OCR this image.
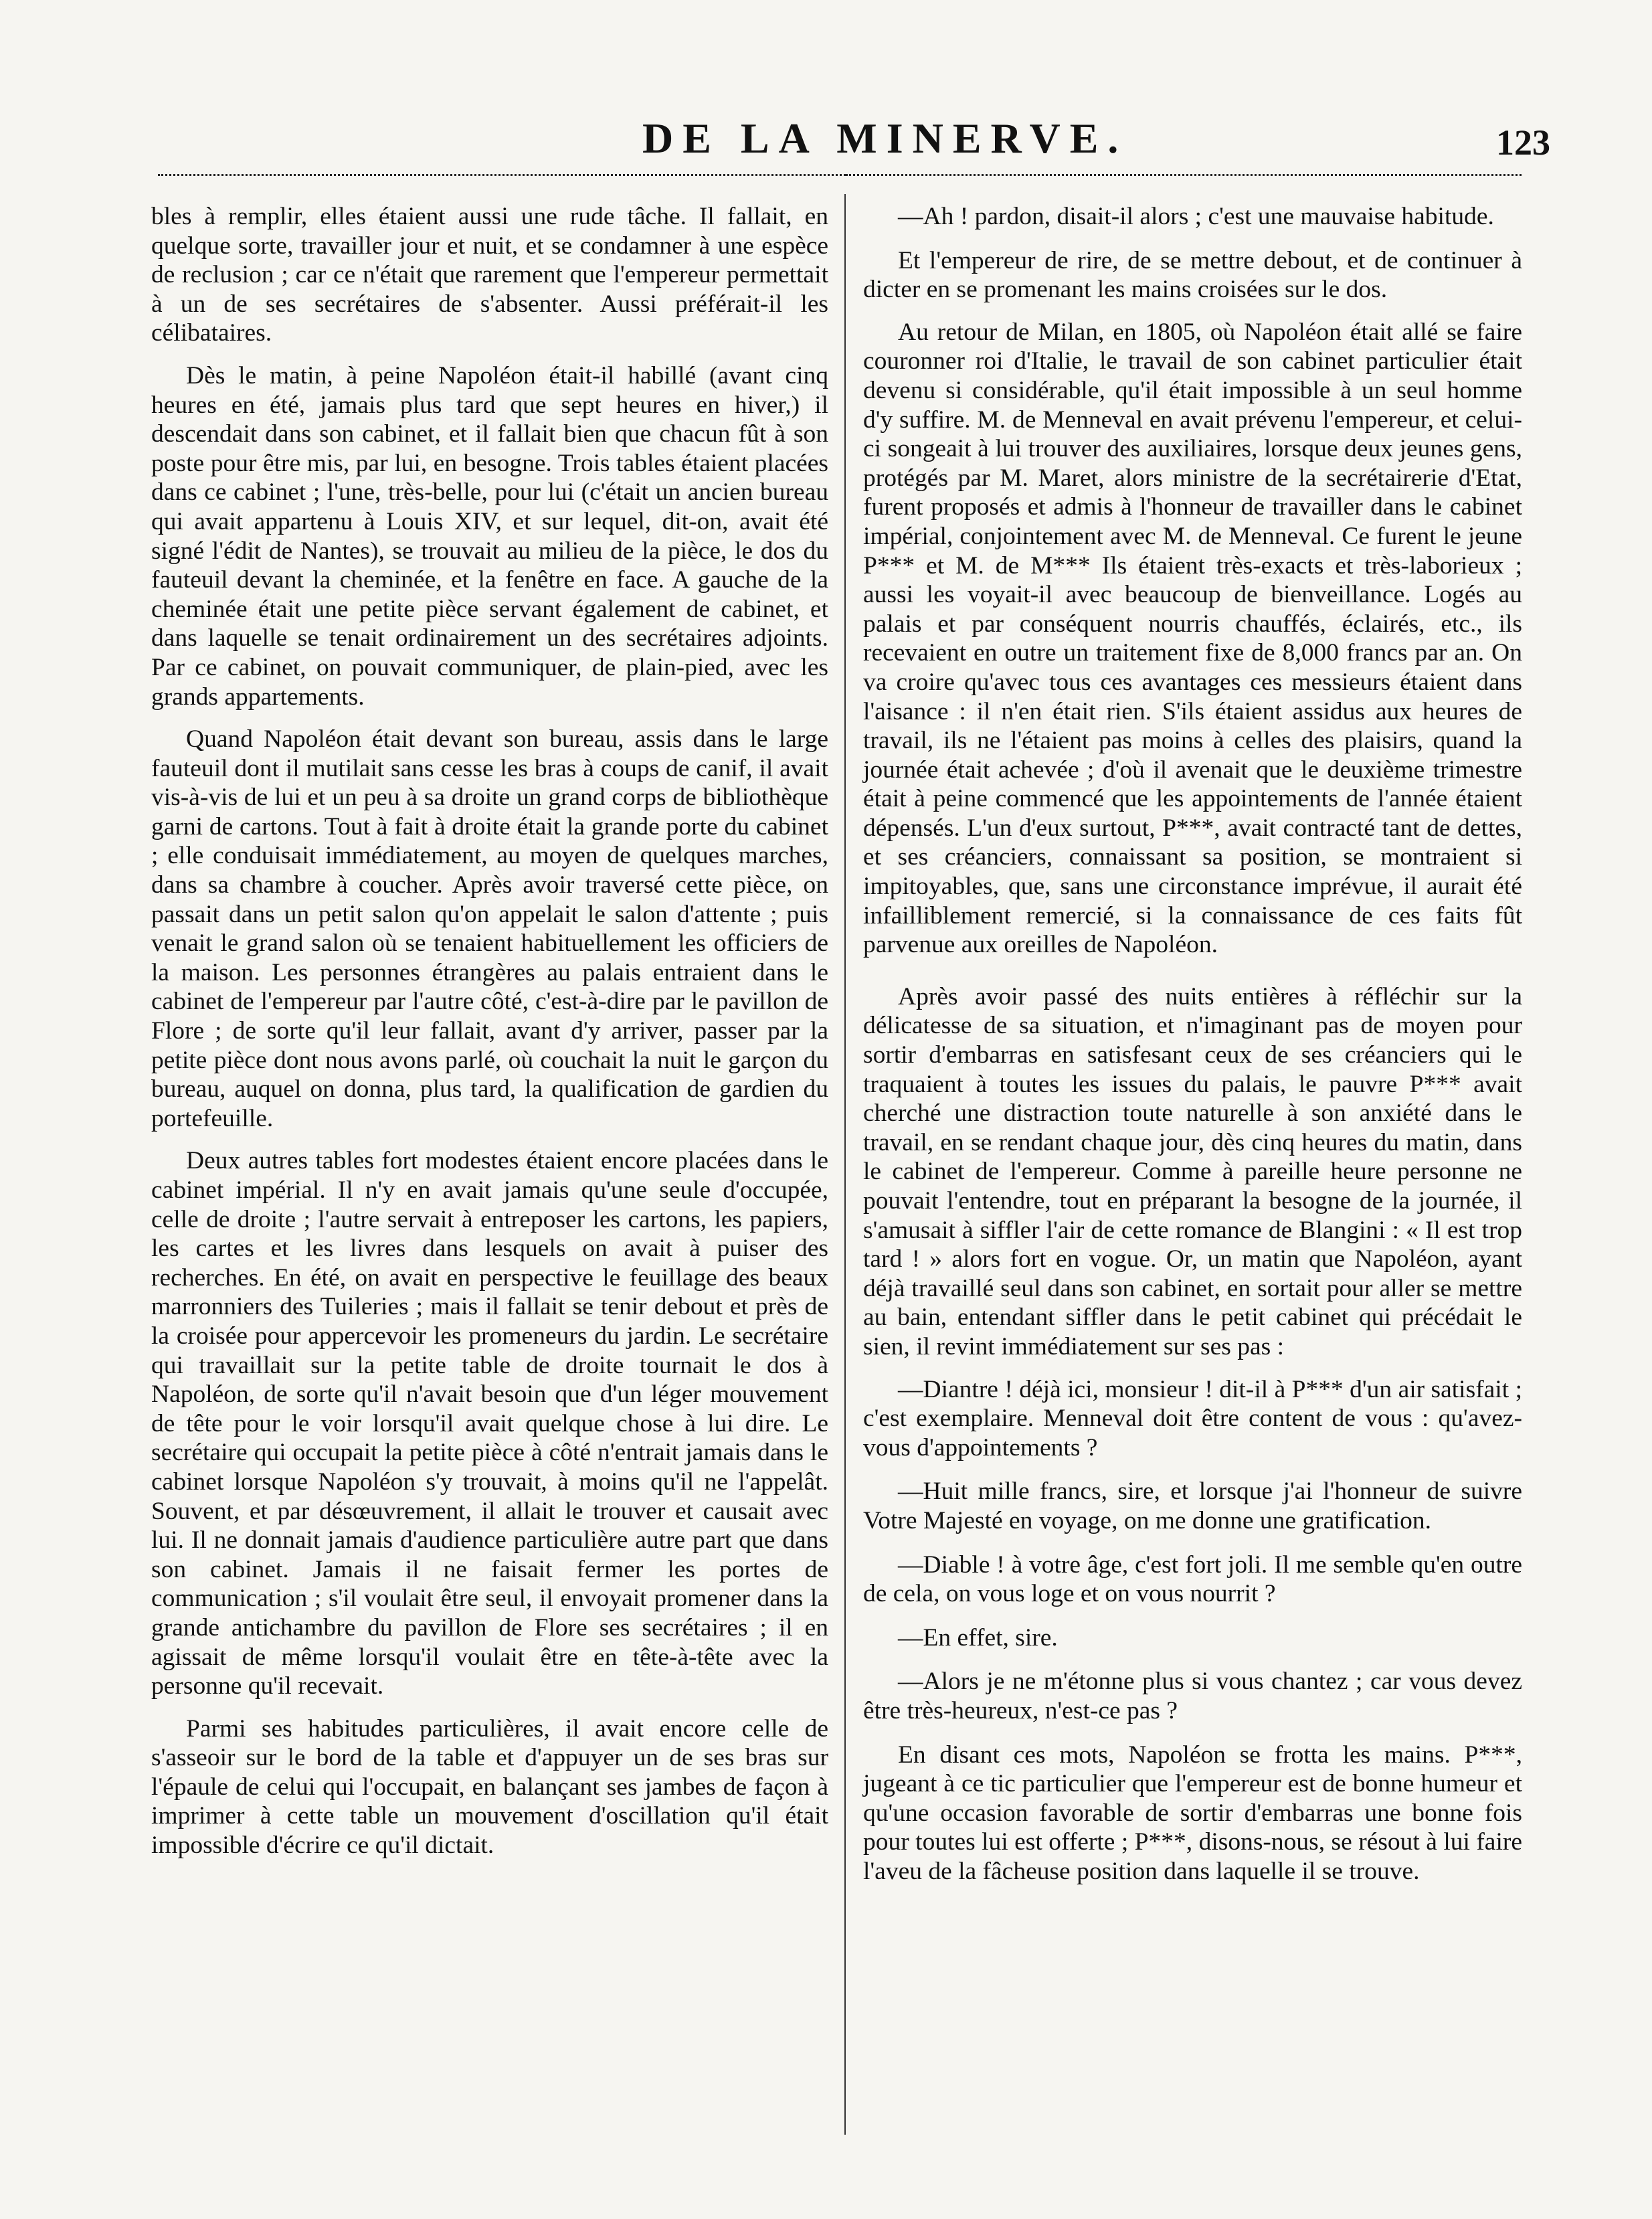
DE LA MINERVE.	123

bles à remplir, elles étaient aussi une rude tâche. Il fallait, en quelque sorte, travailler jour et nuit, et se condamner à une espèce de reclusion ; car ce n'était que rarement que l'empereur permettait à un de ses secrétaires de s'absenter. Aussi préférait-il les célibataires.

Dès le matin, à peine Napoléon était-il habillé (avant cinq heures en été, jamais plus tard que sept heures en hiver,) il descendait dans son cabinet, et il fallait bien que chacun fût à son poste pour être mis, par lui, en besogne. Trois tables étaient placées dans ce cabinet ; l'une, très-belle, pour lui (c'était un ancien bureau qui avait appartenu à Louis XIV, et sur lequel, dit-on, avait été signé l'édit de Nantes), se trouvait au milieu de la pièce, le dos du fauteuil devant la cheminée, et la fenêtre en face. A gauche de la cheminée était une petite pièce servant également de cabinet, et dans laquelle se tenait ordinairement un des secrétaires adjoints. Par ce cabinet, on pouvait communiquer, de plain-pied, avec les grands appartements.

Quand Napoléon était devant son bureau, assis dans le large fauteuil dont il mutilait sans cesse les bras à coups de canif, il avait vis-à-vis de lui et un peu à sa droite un grand corps de bibliothèque garni de cartons. Tout à fait à droite était la grande porte du cabinet ; elle conduisait immédiatement, au moyen de quelques marches, dans sa chambre à coucher. Après avoir traversé cette pièce, on passait dans un petit salon qu'on appelait le salon d'attente ; puis venait le grand salon où se tenaient habituellement les officiers de la maison. Les personnes étrangères au palais entraient dans le cabinet de l'empereur par l'autre côté, c'est-à-dire par le pavillon de Flore ; de sorte qu'il leur fallait, avant d'y arriver, passer par la petite pièce dont nous avons parlé, où couchait la nuit le garçon du bureau, auquel on donna, plus tard, la qualification de gardien du portefeuille.

Deux autres tables fort modestes étaient encore placées dans le cabinet impérial. Il n'y en avait jamais qu'une seule d'occupée, celle de droite ; l'autre servait à entreposer les cartons, les papiers, les cartes et les livres dans lesquels on avait à puiser des recherches. En été, on avait en perspective le feuillage des beaux marronniers des Tuileries ; mais il fallait se tenir debout et près de la croisée pour appercevoir les promeneurs du jardin. Le secrétaire qui travaillait sur la petite table de droite tournait le dos à Napoléon, de sorte qu'il n'avait besoin que d'un léger mouvement de tête pour le voir lorsqu'il avait quelque chose à lui dire. Le secrétaire qui occupait la petite pièce à côté n'entrait jamais dans le cabinet lorsque Napoléon s'y trouvait, à moins qu'il ne l'appelât. Souvent, et par désœuvrement, il allait le trouver et causait avec lui. Il ne donnait jamais d'audience particulière autre part que dans son cabinet. Jamais il ne faisait fermer les portes de communication ; s'il voulait être seul, il envoyait promener dans la grande antichambre du pavillon de Flore ses secrétaires ; il en agissait de même lorsqu'il voulait être en tête-à-tête avec la personne qu'il recevait.

Parmi ses habitudes particulières, il avait encore celle de s'asseoir sur le bord de la table et d'appuyer un de ses bras sur l'épaule de celui qui l'occupait, en balançant ses jambes de façon à imprimer à cette table un mouvement d'oscillation qu'il était impossible d'écrire ce qu'il dictait.

—Ah ! pardon, disait-il alors ; c'est une mauvaise habitude.

Et l'empereur de rire, de se mettre debout, et de continuer à dicter en se promenant les mains croisées sur le dos.

Au retour de Milan, en 1805, où Napoléon était allé se faire couronner roi d'Italie, le travail de son cabinet particulier était devenu si considérable, qu'il était impossible à un seul homme d'y suffire. M. de Menneval en avait prévenu l'empereur, et celui-ci songeait à lui trouver des auxiliaires, lorsque deux jeunes gens, protégés par M. Maret, alors ministre de la secrétairerie d'Etat, furent proposés et admis à l'honneur de travailler dans le cabinet impérial, conjointement avec M. de Menneval. Ce furent le jeune P*** et M. de M*** Ils étaient très-exacts et très-laborieux ; aussi les voyait-il avec beaucoup de bienveillance. Logés au palais et par conséquent nourris chauffés, éclairés, etc., ils recevaient en outre un traitement fixe de 8,000 francs par an. On va croire qu'avec tous ces avantages ces messieurs étaient dans l'aisance : il n'en était rien. S'ils étaient assidus aux heures de travail, ils ne l'étaient pas moins à celles des plaisirs, quand la journée était achevée ; d'où il avenait que le deuxième trimestre était à peine commencé que les appointements de l'année étaient dépensés. L'un d'eux surtout, P***, avait contracté tant de dettes, et ses créanciers, connaissant sa position, se montraient si impitoyables, que, sans une circonstance imprévue, il aurait été infailliblement remercié, si la connaissance de ces faits fût parvenue aux oreilles de Napoléon.

Après avoir passé des nuits entières à réfléchir sur la délicatesse de sa situation, et n'imaginant pas de moyen pour sortir d'embarras en satisfesant ceux de ses créanciers qui le traquaient à toutes les issues du palais, le pauvre P*** avait cherché une distraction toute naturelle à son anxiété dans le travail, en se rendant chaque jour, dès cinq heures du matin, dans le cabinet de l'empereur. Comme à pareille heure personne ne pouvait l'entendre, tout en préparant la besogne de la journée, il s'amusait à siffler l'air de cette romance de Blangini : « Il est trop tard ! » alors fort en vogue. Or, un matin que Napoléon, ayant déjà travaillé seul dans son cabinet, en sortait pour aller se mettre au bain, entendant siffler dans le petit cabinet qui précédait le sien, il revint immédiatement sur ses pas :

—Diantre ! déjà ici, monsieur ! dit-il à P*** d'un air satisfait ; c'est exemplaire. Menneval doit être content de vous : qu'avez-vous d'appointements ?

—Huit mille francs, sire, et lorsque j'ai l'honneur de suivre Votre Majesté en voyage, on me donne une gratification.

—Diable ! à votre âge, c'est fort joli. Il me semble qu'en outre de cela, on vous loge et on vous nourrit ?

—En effet, sire.

—Alors je ne m'étonne plus si vous chantez ; car vous devez être très-heureux, n'est-ce pas ?

En disant ces mots, Napoléon se frotta les mains. P***, jugeant à ce tic particulier que l'empereur est de bonne humeur et qu'une occasion favorable de sortir d'embarras une bonne fois pour toutes lui est offerte ; P***, disons-nous, se résout à lui faire l'aveu de la fâcheuse position dans laquelle il se trouve.
